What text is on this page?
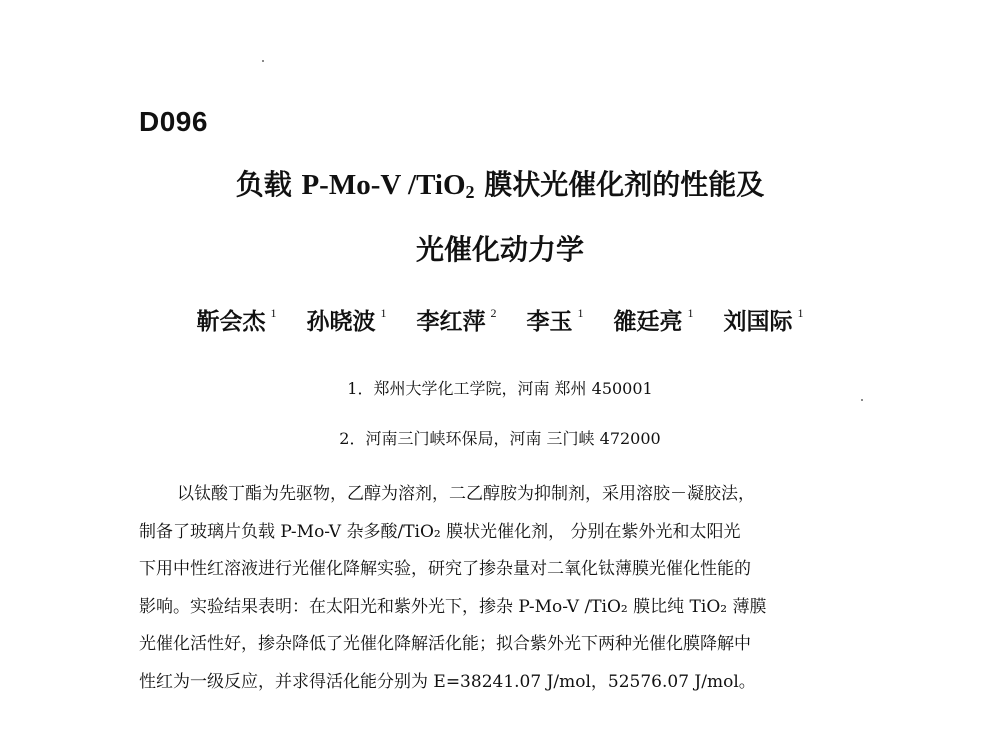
D096
负载 P-Mo-V /TiO$_2$ 膜状光催化剂的性能及
光催化动力学
靳会杰 $^1$ 孙晓波 $^1$ 李红萍 $^2$ 李玉 $^1$ 雒廷亮 $^1$ 刘国际 $^1$
1．郑州大学化工学院，河南 郑州 450001
2．河南三门峡环保局，河南 三门峡 472000
以钛酸丁酯为先驱物，乙醇为溶剂，二乙醇胺为抑制剂，采用溶胶－凝胶法，
制备了玻璃片负载 P-Mo-V 杂多酸/TiO₂ 膜状光催化剂， 分别在紫外光和太阳光
下用中性红溶液进行光催化降解实验，研究了掺杂量对二氧化钛薄膜光催化性能的
影响。实验结果表明：在太阳光和紫外光下，掺杂 P-Mo-V /TiO₂ 膜比纯 TiO₂ 薄膜
光催化活性好，掺杂降低了光催化降解活化能；拟合紫外光下两种光催化膜降解中
性红为一级反应，并求得活化能分别为 E=38241.07 J/mol，52576.07 J/mol。
